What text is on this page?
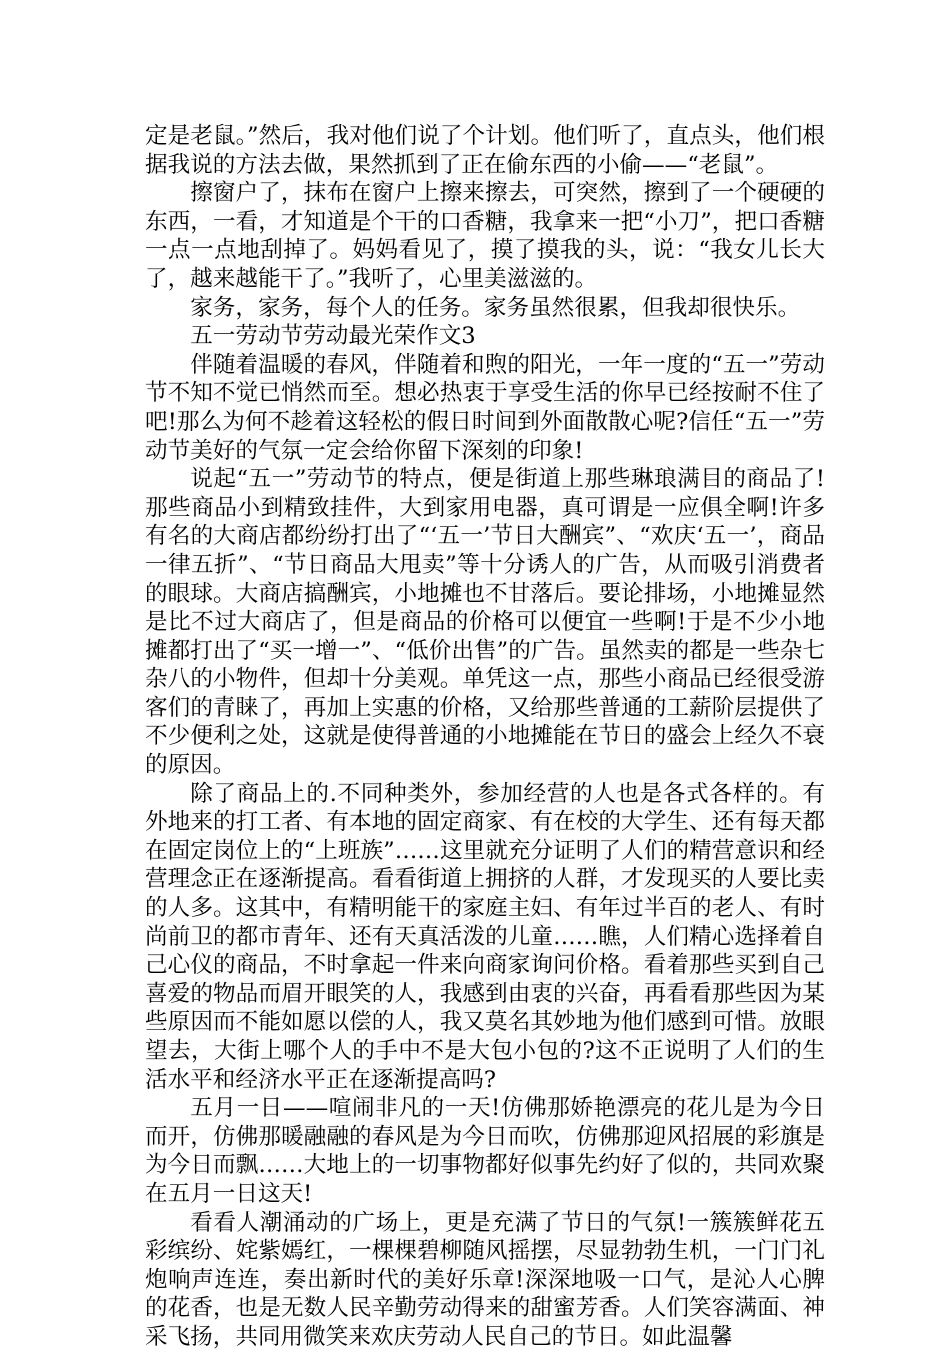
定是老鼠。”然后，我对他们说了个计划。他们听了，直点头，他们根据我说的方法去做，果然抓到了正在偷东西的小偷——“老鼠”。

擦窗户了，抹布在窗户上擦来擦去，可突然，擦到了一个硬硬的东西，一看，才知道是个干的口香糖，我拿来一把“小刀”，把口香糖一点一点地刮掉了。妈妈看见了，摸了摸我的头，说：“我女儿长大了，越来越能干了。”我听了，心里美滋滋的。

家务，家务，每个人的任务。家务虽然很累，但我却很快乐。

五一劳动节劳动最光荣作文3

伴随着温暖的春风，伴随着和煦的阳光，一年一度的“五一”劳动节不知不觉已悄然而至。想必热衷于享受生活的你早已经按耐不住了吧!那么为何不趁着这轻松的假日时间到外面散散心呢?信任“五一”劳动节美好的气氛一定会给你留下深刻的印象!

说起“五一”劳动节的特点，便是街道上那些琳琅满目的商品了!那些商品小到精致挂件，大到家用电器，真可谓是一应俱全啊!许多有名的大商店都纷纷打出了“‘五一’节日大酬宾”、“欢庆‘五一’，商品一律五折”、“节日商品大甩卖”等十分诱人的广告，从而吸引消费者的眼球。大商店搞酬宾，小地摊也不甘落后。要论排场，小地摊显然是比不过大商店了，但是商品的价格可以便宜一些啊!于是不少小地摊都打出了“买一增一”、“低价出售”的广告。虽然卖的都是一些杂七杂八的小物件，但却十分美观。单凭这一点，那些小商品已经很受游客们的青睐了，再加上实惠的价格，又给那些普通的工薪阶层提供了不少便利之处，这就是使得普通的小地摊能在节日的盛会上经久不衰的原因。

除了商品上的.不同种类外，参加经营的人也是各式各样的。有外地来的打工者、有本地的固定商家、有在校的大学生、还有每天都在固定岗位上的“上班族”……这里就充分证明了人们的精营意识和经营理念正在逐渐提高。看看街道上拥挤的人群，才发现买的人要比卖的人多。这其中，有精明能干的家庭主妇、有年过半百的老人、有时尚前卫的都市青年、还有天真活泼的儿童……瞧，人们精心选择着自己心仪的商品，不时拿起一件来向商家询问价格。看着那些买到自己喜爱的物品而眉开眼笑的人，我感到由衷的兴奋，再看看那些因为某些原因而不能如愿以偿的人，我又莫名其妙地为他们感到可惜。放眼望去，大街上哪个人的手中不是大包小包的?这不正说明了人们的生活水平和经济水平正在逐渐提高吗?

五月一日——喧闹非凡的一天!仿佛那娇艳漂亮的花儿是为今日而开，仿佛那暖融融的春风是为今日而吹，仿佛那迎风招展的彩旗是为今日而飘……大地上的一切事物都好似事先约好了似的，共同欢聚在五月一日这天!

看看人潮涌动的广场上，更是充满了节日的气氛!一簇簇鲜花五彩缤纷、姹紫嫣红，一棵棵碧柳随风摇摆，尽显勃勃生机，一门门礼炮响声连连，奏出新时代的美好乐章!深深地吸一口气，是沁人心脾的花香，也是无数人民辛勤劳动得来的甜蜜芳香。人们笑容满面、神采飞扬，共同用微笑来欢庆劳动人民自己的节日。如此温馨
